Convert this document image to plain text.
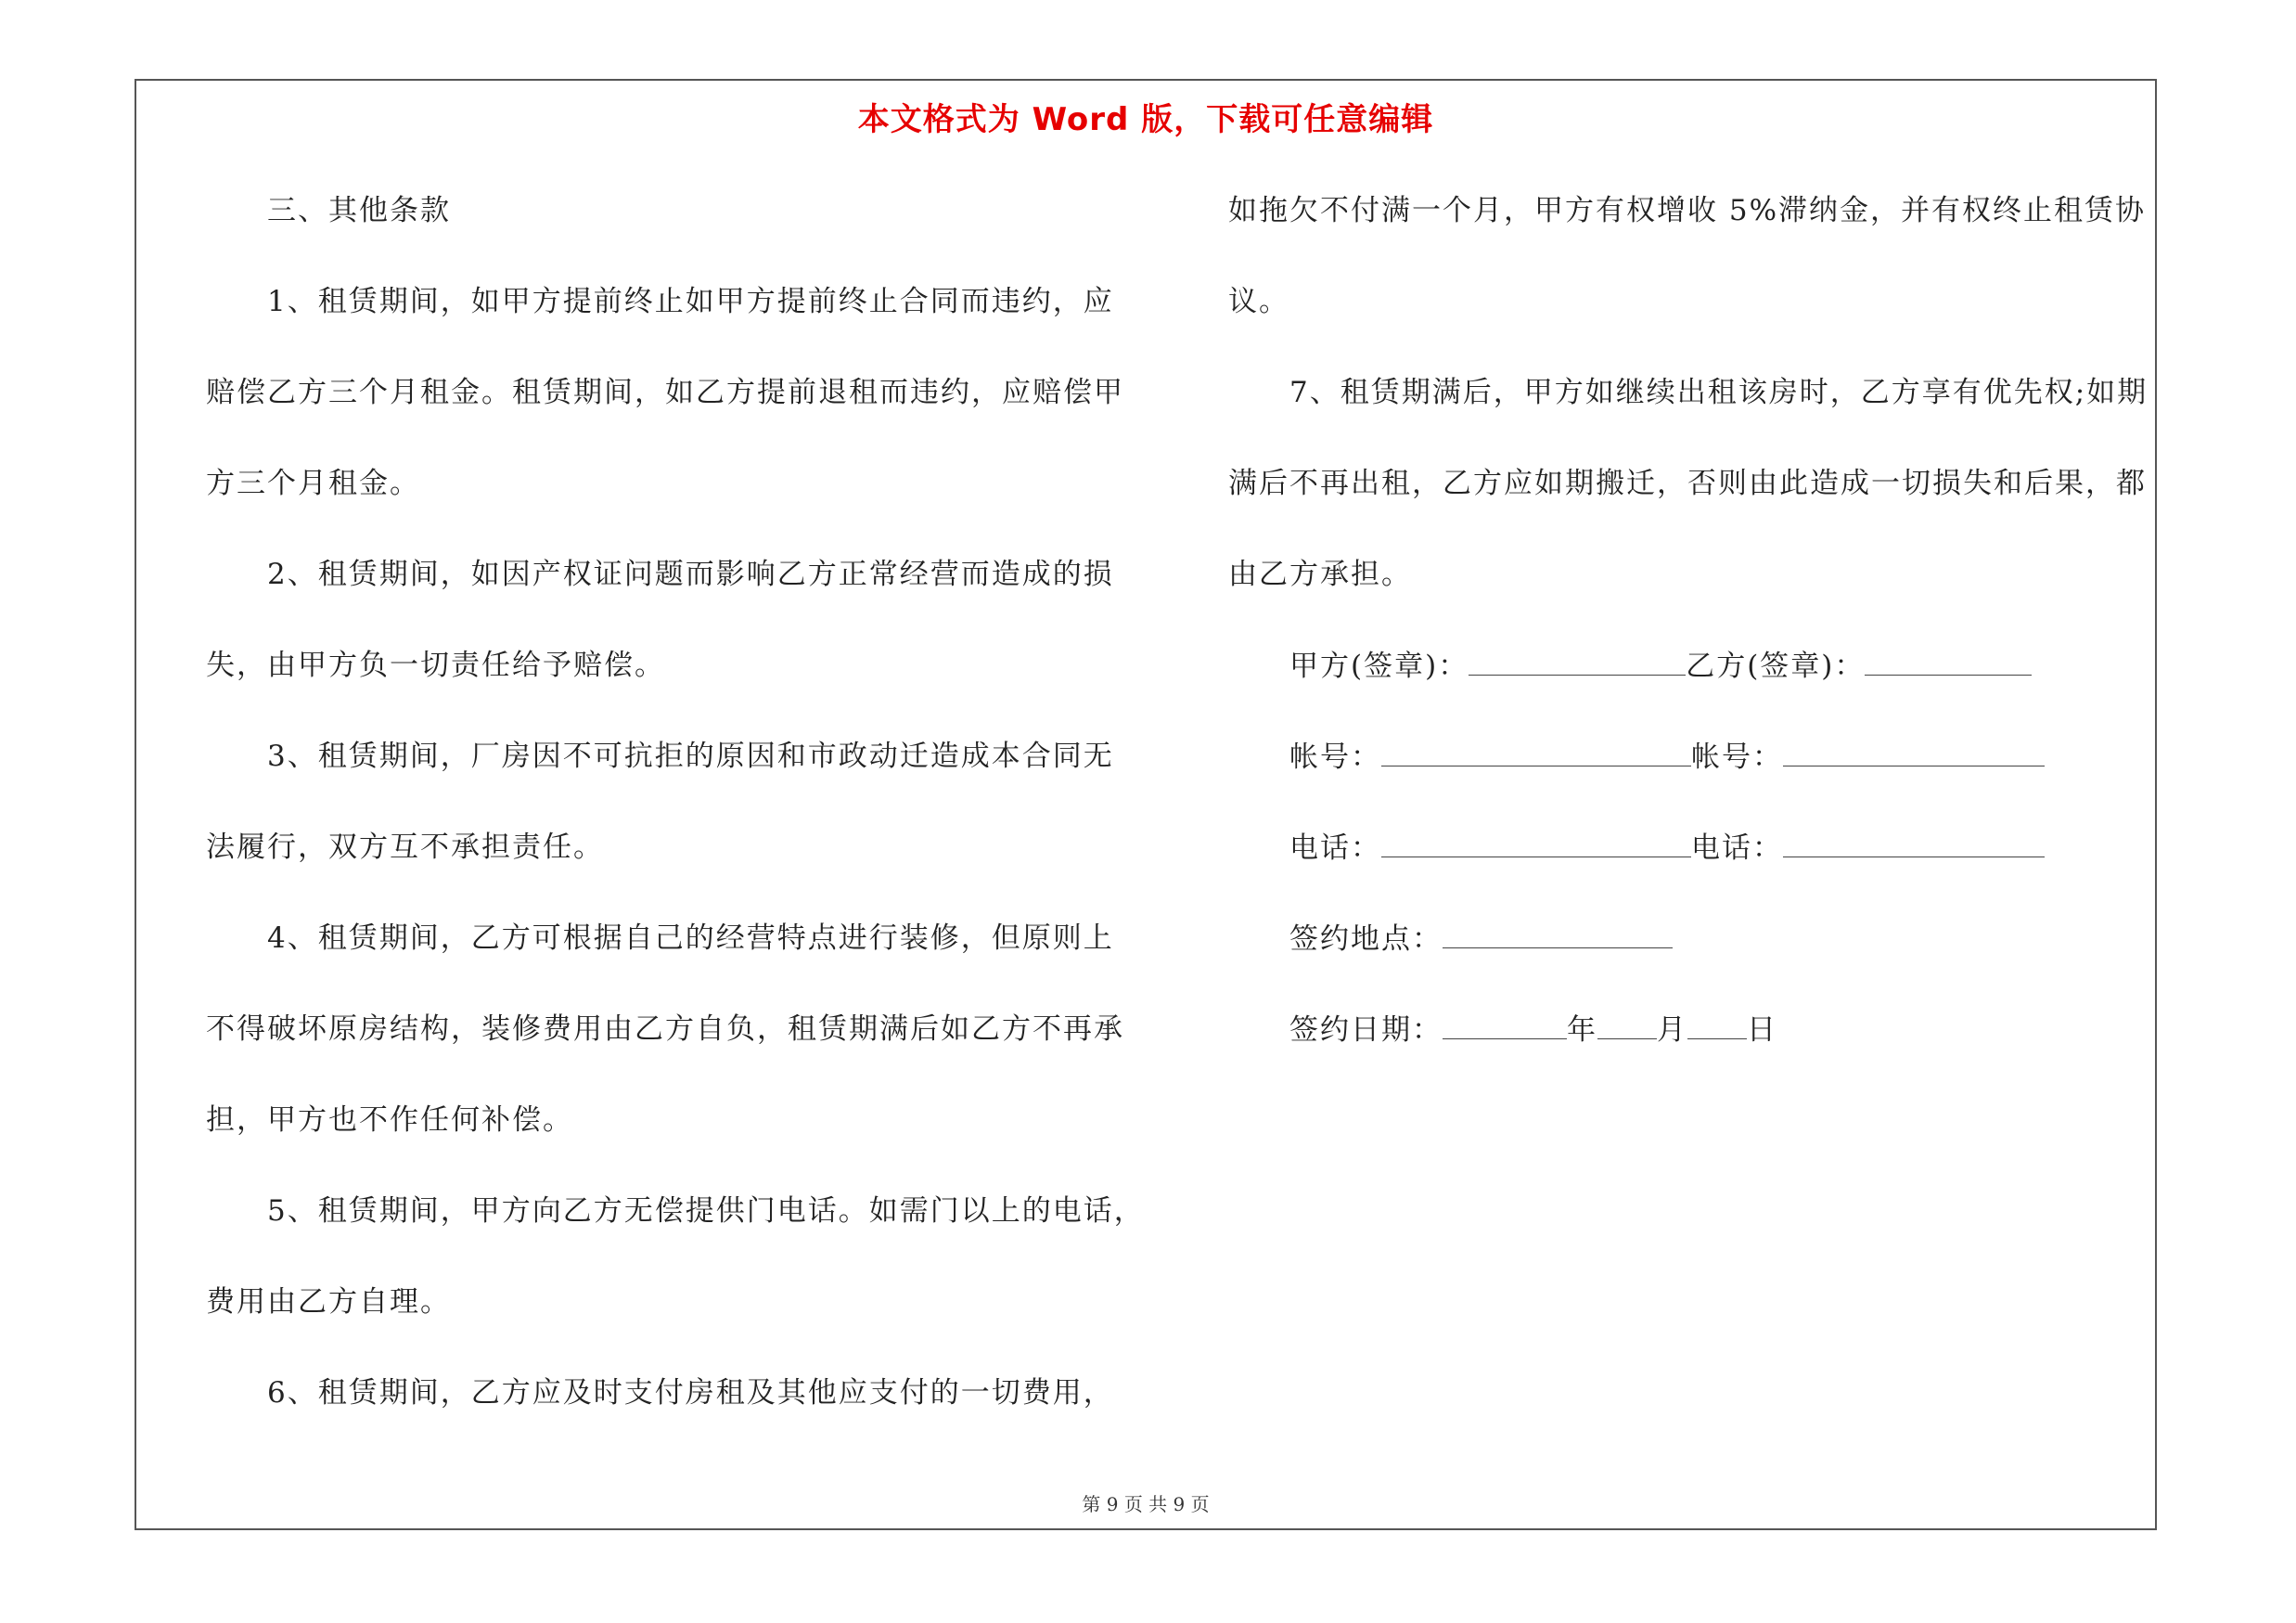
本文格式为 Word 版，下载可任意编辑
三、其他条款
1、租赁期间，如甲方提前终止如甲方提前终止合同而违约，应
赔偿乙方三个月租金。租赁期间，如乙方提前退租而违约，应赔偿甲
方三个月租金。
2、租赁期间，如因产权证问题而影响乙方正常经营而造成的损
失，由甲方负一切责任给予赔偿。
3、租赁期间，厂房因不可抗拒的原因和市政动迁造成本合同无
法履行，双方互不承担责任。
4、租赁期间，乙方可根据自己的经营特点进行装修，但原则上
不得破坏原房结构，装修费用由乙方自负，租赁期满后如乙方不再承
担，甲方也不作任何补偿。
5、租赁期间，甲方向乙方无偿提供门电话。如需门以上的电话，
费用由乙方自理。
6、租赁期间，乙方应及时支付房租及其他应支付的一切费用，
如拖欠不付满一个月，甲方有权增收 5%滞纳金，并有权终止租赁协
议。
7、租赁期满后，甲方如继续出租该房时，乙方享有优先权;如期
满后不再出租，乙方应如期搬迁，否则由此造成一切损失和后果，都
由乙方承担。
甲方(签章)：	乙方(签章)：
帐号：	帐号：
电话：	电话：
签约地点：
签约日期：	年 月 日
第 9 页 共 9 页
